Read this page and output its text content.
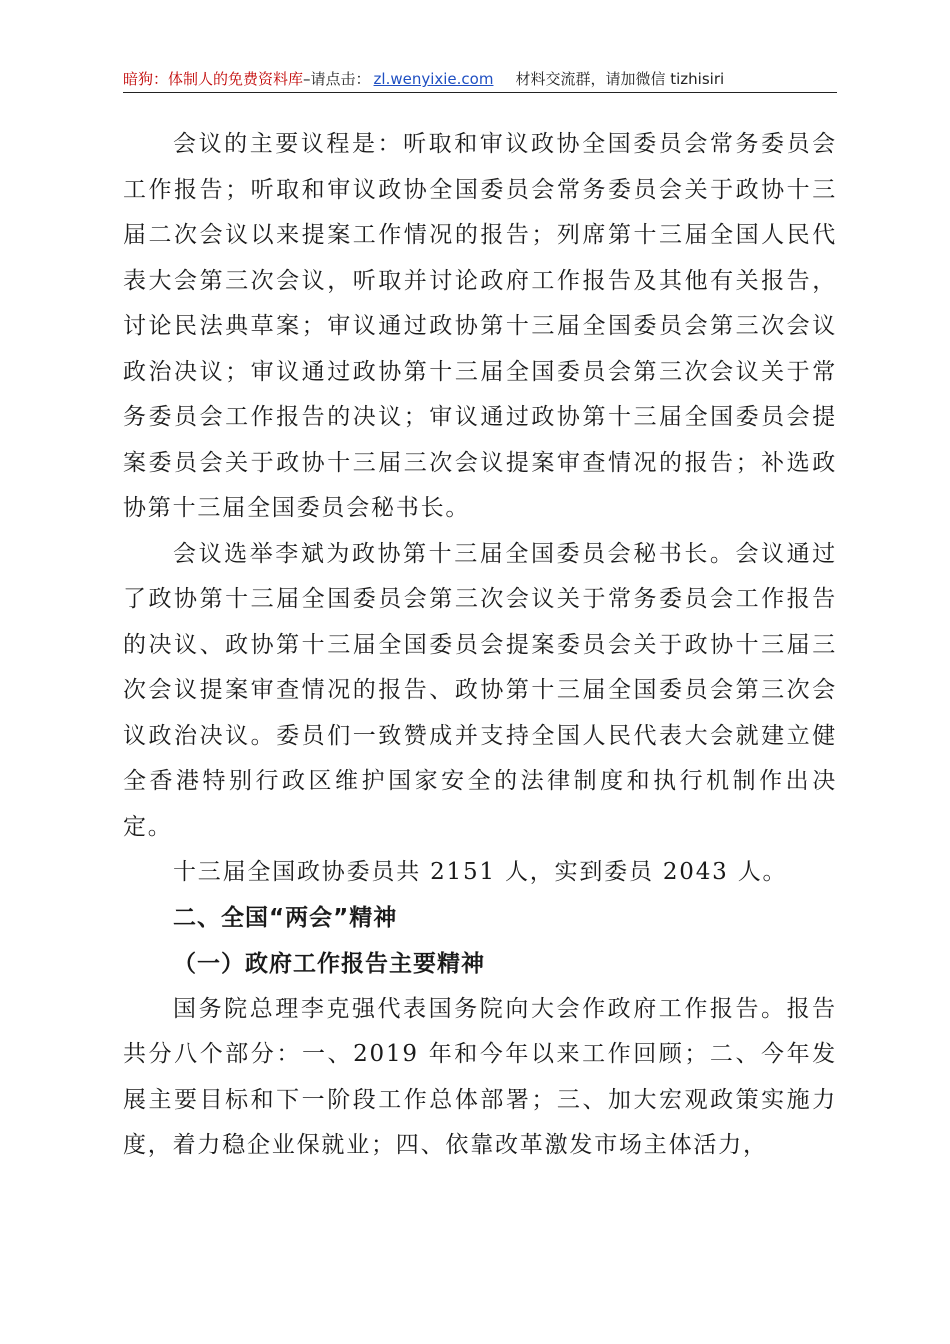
暗狗：体制人的免费资料库–请点击： zl.wenyixie.com 材料交流群，请加微信 tizhisiri

会议的主要议程是：听取和审议政协全国委员会常务委员会工作报告；听取和审议政协全国委员会常务委员会关于政协十三届二次会议以来提案工作情况的报告；列席第十三届全国人民代表大会第三次会议，听取并讨论政府工作报告及其他有关报告，讨论民法典草案；审议通过政协第十三届全国委员会第三次会议政治决议；审议通过政协第十三届全国委员会第三次会议关于常务委员会工作报告的决议；审议通过政协第十三届全国委员会提案委员会关于政协十三届三次会议提案审查情况的报告；补选政协第十三届全国委员会秘书长。

会议选举李斌为政协第十三届全国委员会秘书长。会议通过了政协第十三届全国委员会第三次会议关于常务委员会工作报告的决议、政协第十三届全国委员会提案委员会关于政协十三届三次会议提案审查情况的报告、政协第十三届全国委员会第三次会议政治决议。委员们一致赞成并支持全国人民代表大会就建立健全香港特别行政区维护国家安全的法律制度和执行机制作出决定。

十三届全国政协委员共 2151 人，实到委员 2043 人。

二、全国“两会”精神
（一）政府工作报告主要精神

国务院总理李克强代表国务院向大会作政府工作报告。报告共分八个部分：一、2019 年和今年以来工作回顾；二、今年发展主要目标和下一阶段工作总体部署；三、加大宏观政策实施力度，着力稳企业保就业；四、依靠改革激发市场主体活力，
